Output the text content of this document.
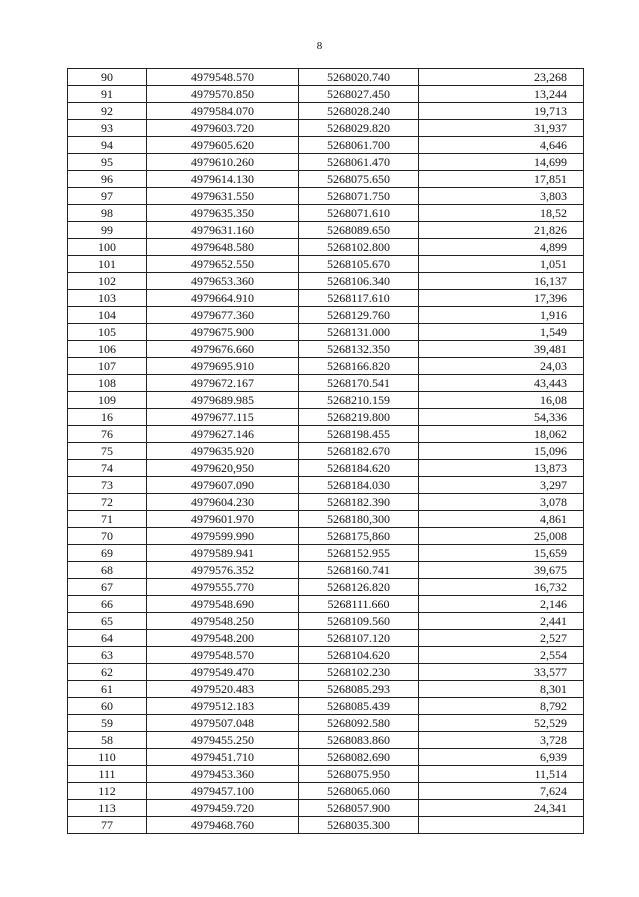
8
90	4979548.570	5268020.740	23,268
91	4979570.850	5268027.450	13,244
92	4979584.070	5268028.240	19,713
93	4979603.720	5268029.820	31,937
94	4979605.620	5268061.700	4,646
95	4979610.260	5268061.470	14,699
96	4979614.130	5268075.650	17,851
97	4979631.550	5268071.750	3,803
98	4979635.350	5268071.610	18,52
99	4979631.160	5268089.650	21,826
100	4979648.580	5268102.800	4,899
101	4979652.550	5268105.670	1,051
102	4979653.360	5268106.340	16,137
103	4979664.910	5268117.610	17,396
104	4979677.360	5268129.760	1,916
105	4979675.900	5268131.000	1,549
106	4979676.660	5268132.350	39,481
107	4979695.910	5268166.820	24,03
108	4979672.167	5268170.541	43,443
109	4979689.985	5268210.159	16,08
16	4979677.115	5268219.800	54,336
76	4979627.146	5268198.455	18,062
75	4979635.920	5268182.670	15,096
74	4979620,950	5268184.620	13,873
73	4979607.090	5268184.030	3,297
72	4979604.230	5268182.390	3,078
71	4979601.970	5268180,300	4,861
70	4979599.990	5268175,860	25,008
69	4979589.941	5268152.955	15,659
68	4979576.352	5268160.741	39,675
67	4979555.770	5268126.820	16,732
66	4979548.690	5268111.660	2,146
65	4979548.250	5268109.560	2,441
64	4979548.200	5268107.120	2,527
63	4979548.570	5268104.620	2,554
62	4979549.470	5268102.230	33,577
61	4979520.483	5268085.293	8,301
60	4979512.183	5268085.439	8,792
59	4979507.048	5268092.580	52,529
58	4979455.250	5268083.860	3,728
110	4979451.710	5268082.690	6,939
111	4979453.360	5268075.950	11,514
112	4979457.100	5268065.060	7,624
113	4979459.720	5268057.900	24,341
77	4979468.760	5268035.300	
